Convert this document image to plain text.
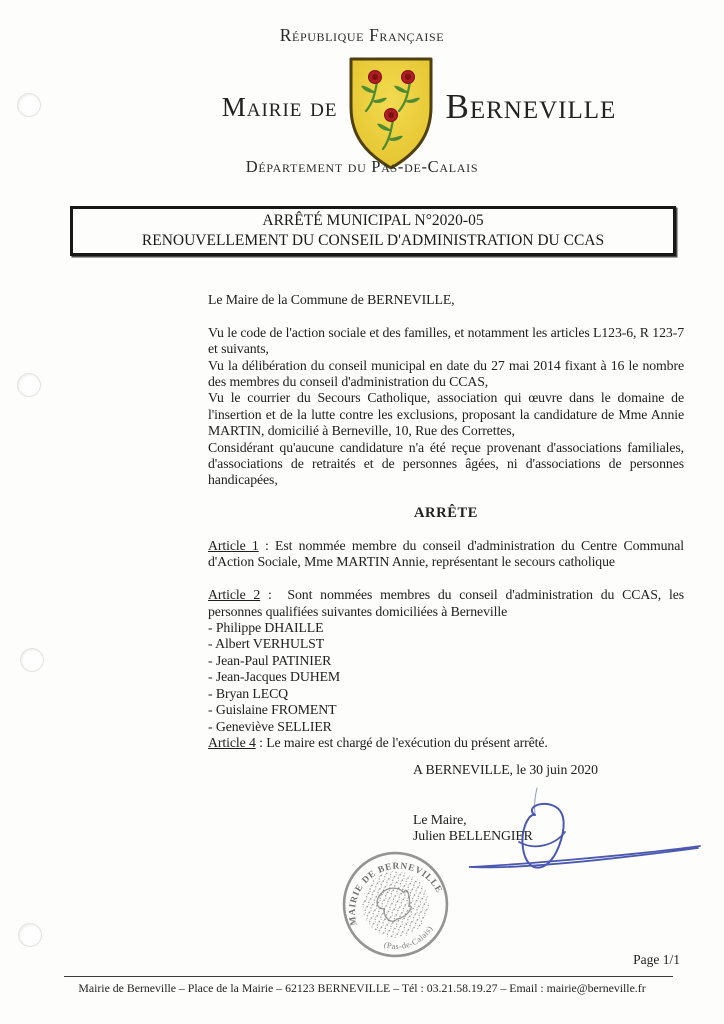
République Française
Mairie de	Berneville
Département du Pas-de-Calais
ARRÊTÉ MUNICIPAL N°2020-05
RENOUVELLEMENT DU CONSEIL D'ADMINISTRATION DU CCAS

Le Maire de la Commune de BERNEVILLE,

Vu le code de l'action sociale et des familles, et notamment les articles L123-6, R 123-7 et suivants,

Vu la délibération du conseil municipal en date du 27 mai 2014 fixant à 16 le nombre des membres du conseil d'administration du CCAS,

Vu le courrier du Secours Catholique, association qui œuvre dans le domaine de l'insertion et de la lutte contre les exclusions, proposant la candidature de Mme Annie MARTIN, domicilié à Berneville, 10, Rue des Correttes,

Considérant qu'aucune candidature n'a été reçue provenant d'associations familiales, d'associations de retraités et de personnes âgées, ni d'associations de personnes handicapées,

ARRÊTE

Article 1 : Est nommée membre du conseil d'administration du Centre Communal d'Action Sociale, Mme MARTIN Annie, représentant le secours catholique

Article 2 :  Sont nommées membres du conseil d'administration du CCAS, les personnes qualifiées suivantes domiciliées à Berneville

- Philippe DHAILLE

- Albert VERHULST

- Jean-Paul PATINIER

- Jean-Jacques DUHEM

- Bryan LECQ

- Guislaine FROMENT

- Geneviève SELLIER

Article 4 : Le maire est chargé de l'exécution du présent arrêté.

A BERNEVILLE, le 30 juin 2020

Le Maire,

Julien BELLENGIER

MAIRIE DE BERNEVILLE
(Pas-de-Calais)
Page 1/1
Mairie de Berneville – Place de la Mairie – 62123 BERNEVILLE – Tél : 03.21.58.19.27 – Email : mairie@berneville.fr
